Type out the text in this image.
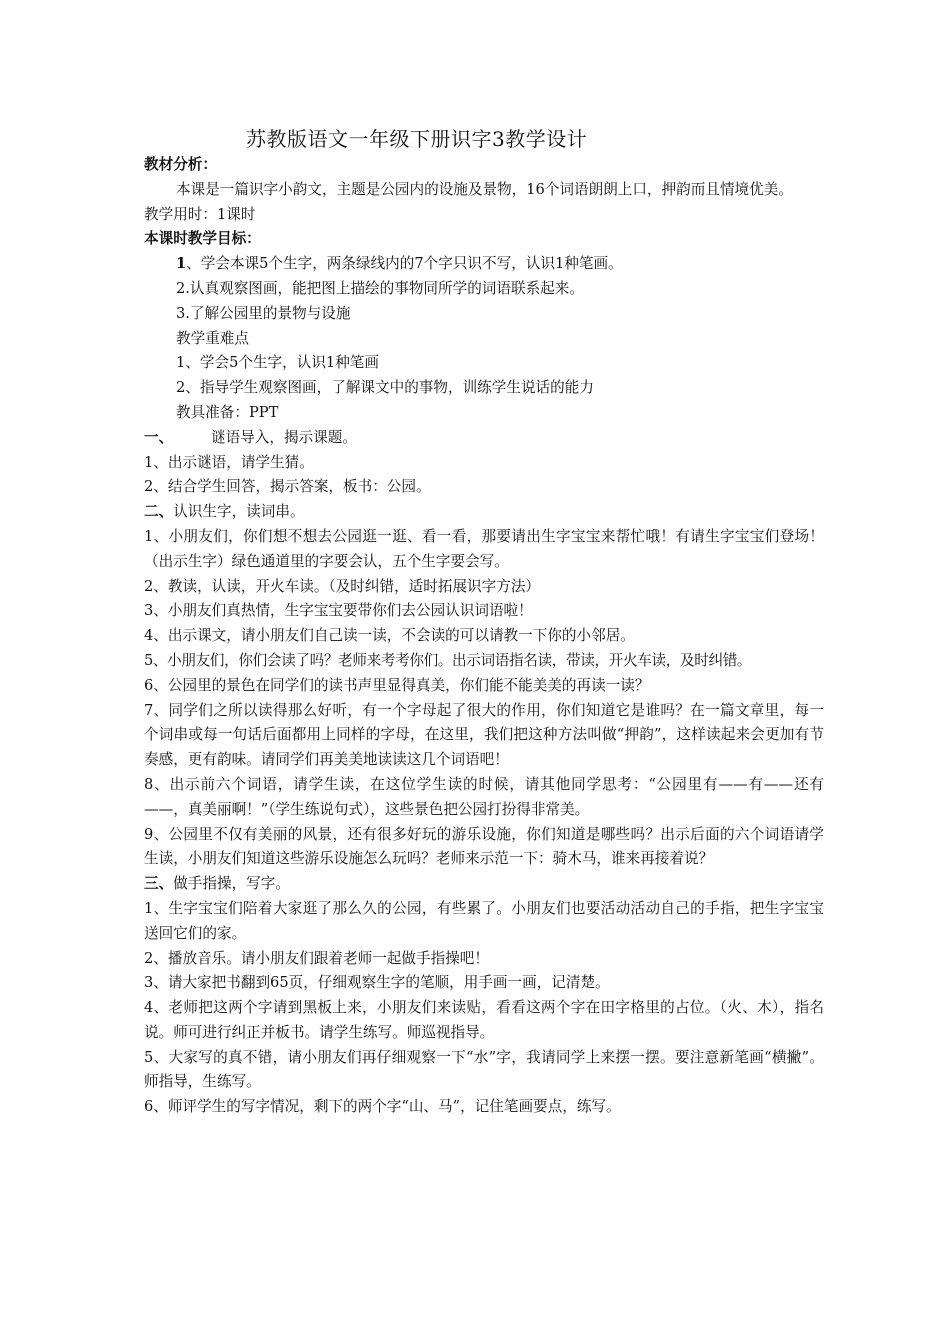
苏教版语文一年级下册识字3教学设计
教材分析：
本课是一篇识字小韵文，主题是公园内的设施及景物，16个词语朗朗上口，押韵而且情境优美。
教学用时：1课时
本课时教学目标：
1、学会本课5个生字，两条绿线内的7个字只识不写，认识1种笔画。
2.认真观察图画，能把图上描绘的事物同所学的词语联系起来。
3.了解公园里的景物与设施
教学重难点
1、学会5个生字，认识1种笔画
2、指导学生观察图画，了解课文中的事物，训练学生说话的能力
教具准备：PPT
一、	谜语导入，揭示课题。
1、出示谜语，请学生猜。
2、结合学生回答，揭示答案，板书：公园。
二、认识生字，读词串。
1、小朋友们，你们想不想去公园逛一逛、看一看，那要请出生字宝宝来帮忙哦！有请生字宝宝们登场！（出示生字）绿色通道里的字要会认，五个生字要会写。
2、教读，认读，开火车读。（及时纠错，适时拓展识字方法）
3、小朋友们真热情，生字宝宝要带你们去公园认识词语啦！
4、出示课文，请小朋友们自己读一读，不会读的可以请教一下你的小邻居。
5、小朋友们，你们会读了吗？老师来考考你们。出示词语指名读，带读，开火车读，及时纠错。
6、公园里的景色在同学们的读书声里显得真美，你们能不能美美的再读一读？
7、同学们之所以读得那么好听，有一个字母起了很大的作用，你们知道它是谁吗？在一篇文章里，每一个词串或每一句话后面都用上同样的字母，在这里，我们把这种方法叫做“押韵”，这样读起来会更加有节奏感，更有韵味。请同学们再美美地读读这几个词语吧！
8、出示前六个词语，请学生读，在这位学生读的时候，请其他同学思考：“公园里有——有——还有——，真美丽啊！”（学生练说句式），这些景色把公园打扮得非常美。
9、公园里不仅有美丽的风景，还有很多好玩的游乐设施，你们知道是哪些吗？出示后面的六个词语请学生读，小朋友们知道这些游乐设施怎么玩吗？老师来示范一下：骑木马，谁来再接着说？
三、做手指操，写字。
1、生字宝宝们陪着大家逛了那么久的公园，有些累了。小朋友们也要活动活动自己的手指，把生字宝宝送回它们的家。
2、播放音乐。请小朋友们跟着老师一起做手指操吧！
3、请大家把书翻到65页，仔细观察生字的笔顺，用手画一画，记清楚。
4、老师把这两个字请到黑板上来，小朋友们来读贴，看看这两个字在田字格里的占位。（火、木），指名说。师可进行纠正并板书。请学生练写。师巡视指导。
5、大家写的真不错，请小朋友们再仔细观察一下“水”字，我请同学上来摆一摆。要注意新笔画“横撇”。师指导，生练写。
6、师评学生的写字情况，剩下的两个字“山、马”，记住笔画要点，练写。
